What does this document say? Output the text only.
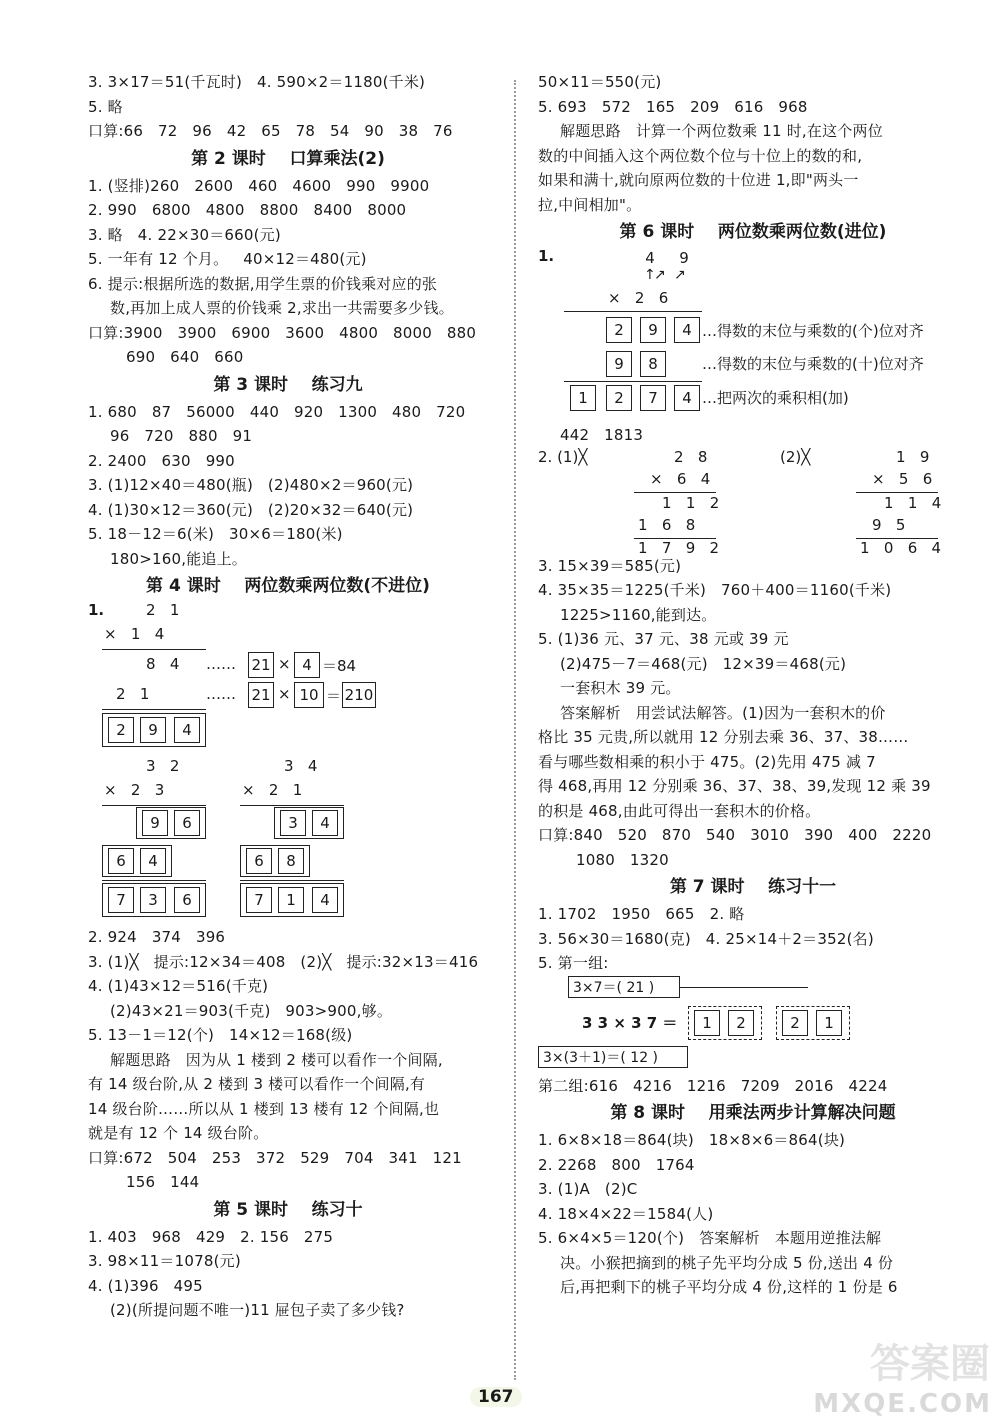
3. 3×17＝51(千瓦时)   4. 590×2＝1180(千米)
5. 略
口算:66   72   96   42   65   78   54   90   38   76
第 2 课时    口算乘法(2)
1. (竖排)260   2600   460   4600   990   9900
2. 990   6800   4800   8800   8400   8000
3. 略   4. 22×30＝660(元)
5. 一年有 12 个月。   40×12＝480(元)
6. 提示:根据所选的数据,用学生票的价钱乘对应的张
数,再加上成人票的价钱乘 2,求出一共需要多少钱。
口算:3900   3900   6900   3600   4800   8000   880
690   640   660
第 3 课时    练习九
1. 680   87   56000   440   920   1300   480   720
96   720   880   91
2. 2400   630   990
3. (1)12×40＝480(瓶)   (2)480×2＝960(元)
4. (1)30×12＝360(元)   (2)20×32＝640(元)
5. 18－12＝6(米)   30×6＝180(米)
180>160,能追上。
第 4 课时    两位数乘两位数(不进位)
1.	2   1
×   1   4
8   4 …… 21 × 4 ＝84
2   1	…… 21 × 10 ＝ 210
2	9	4
3   2
×   2   3
9	6
6	4
7	3	6
3   4
×   2   1
3	4
6	8
7	1	4
2. 924   374   396
3. (1)╳   提示:12×34＝408   (2)╳   提示:32×13＝416
4. (1)43×12＝516(千克)
(2)43×21＝903(千克)   903>900,够。
5. 13－1＝12(个)   14×12＝168(级)
解题思路   因为从 1 楼到 2 楼可以看作一个间隔,
有 14 级台阶,从 2 楼到 3 楼可以看作一个间隔,有
14 级台阶……所以从 1 楼到 13 楼有 12 个间隔,也
就是有 12 个 14 级台阶。
口算:672   504   253   372   529   704   341   121
156   144
第 5 课时    练习十
1. 403   968   429   2. 156   275
3. 98×11＝1078(元)
4. (1)396   495
(2)(所提问题不唯一)11 屉包子卖了多少钱?
50×11＝550(元)
5. 693   572   165   209   616   968
解题思路   计算一个两位数乘 11 时,在这个两位
数的中间插入这个两位数个位与十位上的数的和,
如果和满十,就向原两位数的十位进 1,即"两头一
拉,中间相加"。
第 6 课时    两位数乘两位数(进位)
1.	4	9
↑
↗ ↗
×   2   6
2	9	4 …得数的末位与乘数的(个)位对齐
9	8	…得数的末位与乘数的(十)位对齐
1	2	7	4 …把两次的乘积相(加)
442   1813
2. (1)╳	2   8
×   6   4
1   1   2
1   6   8
1   7   9   2
(2)╳	1   9
×   5   6
1   1   4
9   5
1   0   6   4
3. 15×39＝585(元)
4. 35×35＝1225(千米)   760＋400＝1160(千米)
1225>1160,能到达。
5. (1)36 元、37 元、38 元或 39 元
(2)475－7＝468(元)   12×39＝468(元)
一套积木 39 元。
答案解析   用尝试法解答。(1)因为一套积木的价
格比 35 元贵,所以就用 12 分别去乘 36、37、38……
看与哪些数相乘的积小于 475。(2)先用 475 减 7
得 468,再用 12 分别乘 36、37、38、39,发现 12 乘 39
的积是 468,由此可得出一套积木的价格。
口算:840   520   870   540   3010   390   400   2220
1080   1320
第 7 课时    练习十一
1. 1702   1950   665   2. 略
3. 56×30＝1680(克)   4. 25×14＋2＝352(名)
5. 第一组:
3×7＝( 21 )
3 3 × 3 7 ＝	1	2	2	1
3×(3＋1)＝( 12 )
第二组:616   4216   1216   7209   2016   4224
第 8 课时    用乘法两步计算解决问题
1. 6×8×18＝864(块)   18×8×6＝864(块)
2. 2268   800   1764
3. (1)A   (2)C
4. 18×4×22＝1584(人)
5. 6×4×5＝120(个)   答案解析   本题用逆推法解
决。小猴把摘到的桃子先平均分成 5 份,送出 4 份
后,再把剩下的桃子平均分成 4 份,这样的 1 份是 6
167
答案圈
MXQE.COM
